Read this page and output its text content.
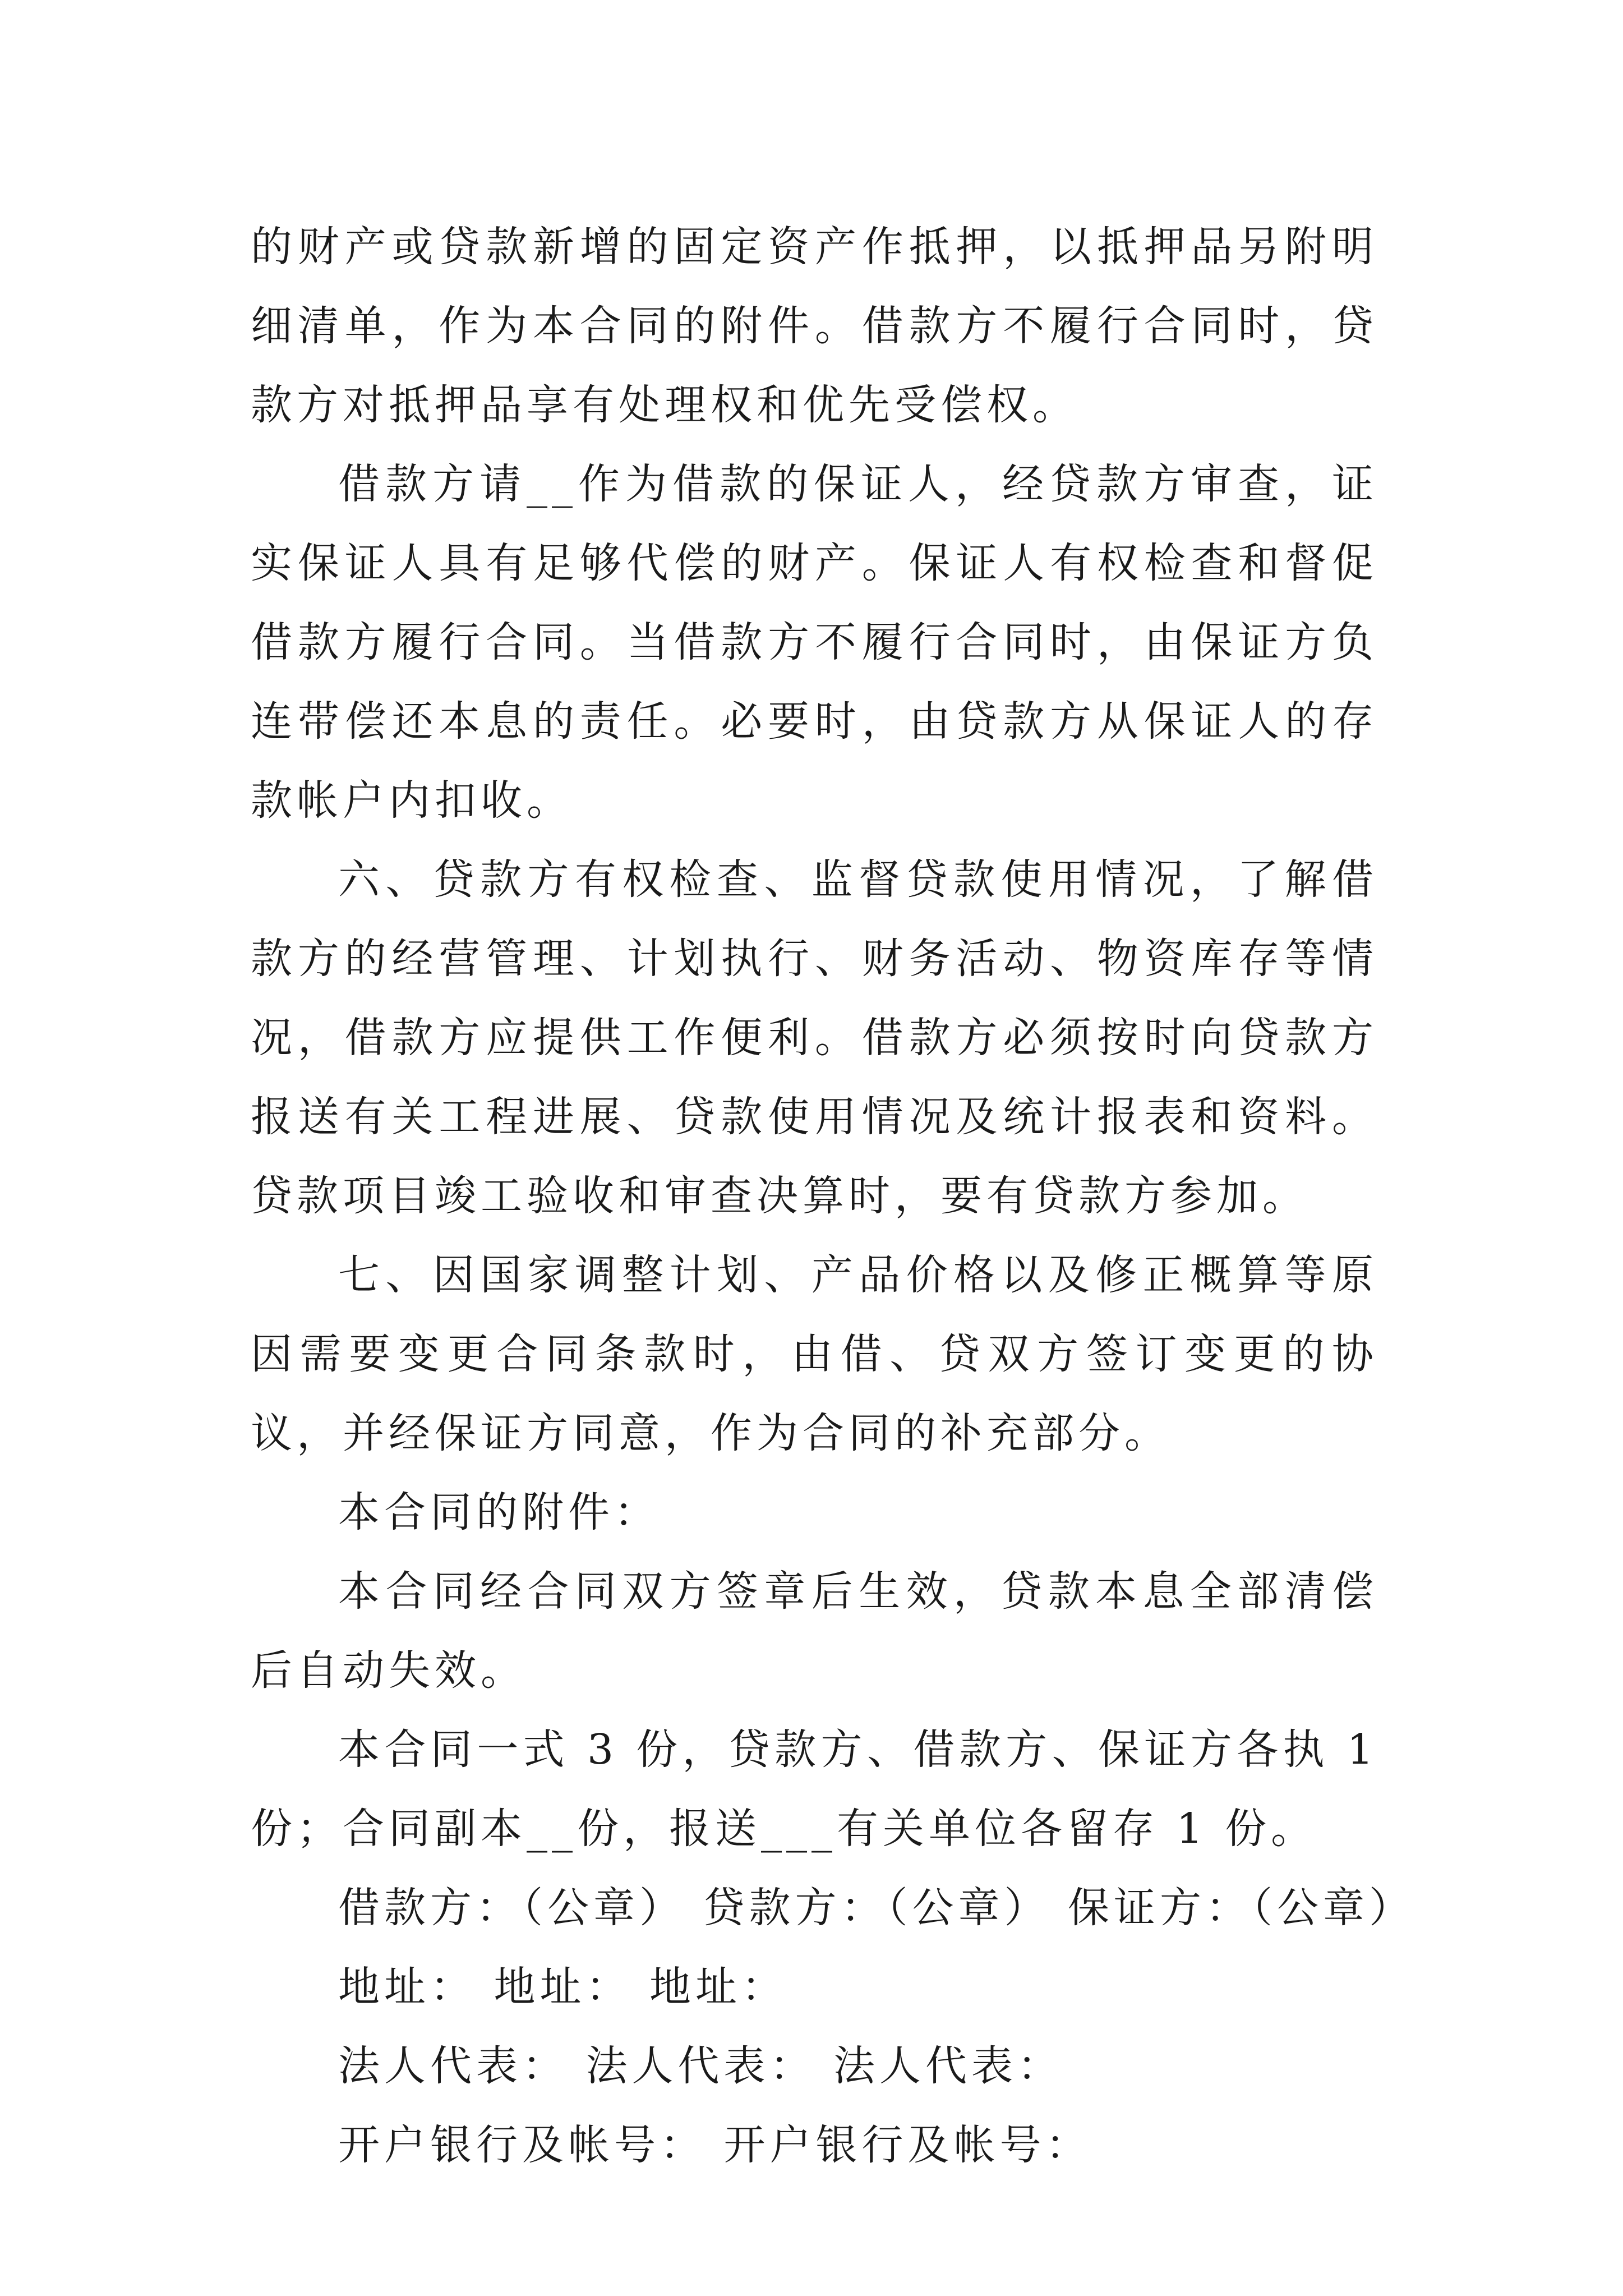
的财产或贷款新增的固定资产作抵押，以抵押品另附明细清单，作为本合同的附件。借款方不履行合同时，贷款方对抵押品享有处理权和优先受偿权。

借款方请__作为借款的保证人，经贷款方审查，证实保证人具有足够代偿的财产。保证人有权检查和督促借款方履行合同。当借款方不履行合同时，由保证方负连带偿还本息的责任。必要时，由贷款方从保证人的存款帐户内扣收。

六、贷款方有权检查、监督贷款使用情况，了解借款方的经营管理、计划执行、财务活动、物资库存等情况，借款方应提供工作便利。借款方必须按时向贷款方报送有关工程进展、贷款使用情况及统计报表和资料。贷款项目竣工验收和审查决算时，要有贷款方参加。

七、因国家调整计划、产品价格以及修正概算等原因需要变更合同条款时，由借、贷双方签订变更的协议，并经保证方同意，作为合同的补充部分。

本合同的附件：

本合同经合同双方签章后生效，贷款本息全部清偿后自动失效。

本合同一式 3 份，贷款方、借款方、保证方各执 1 份；合同副本__份，报送___有关单位各留存 1 份。

借款方：（公章） 贷款方：（公章） 保证方：（公章）

地址： 地址： 地址：

法人代表： 法人代表： 法人代表：

开户银行及帐号： 开户银行及帐号：
